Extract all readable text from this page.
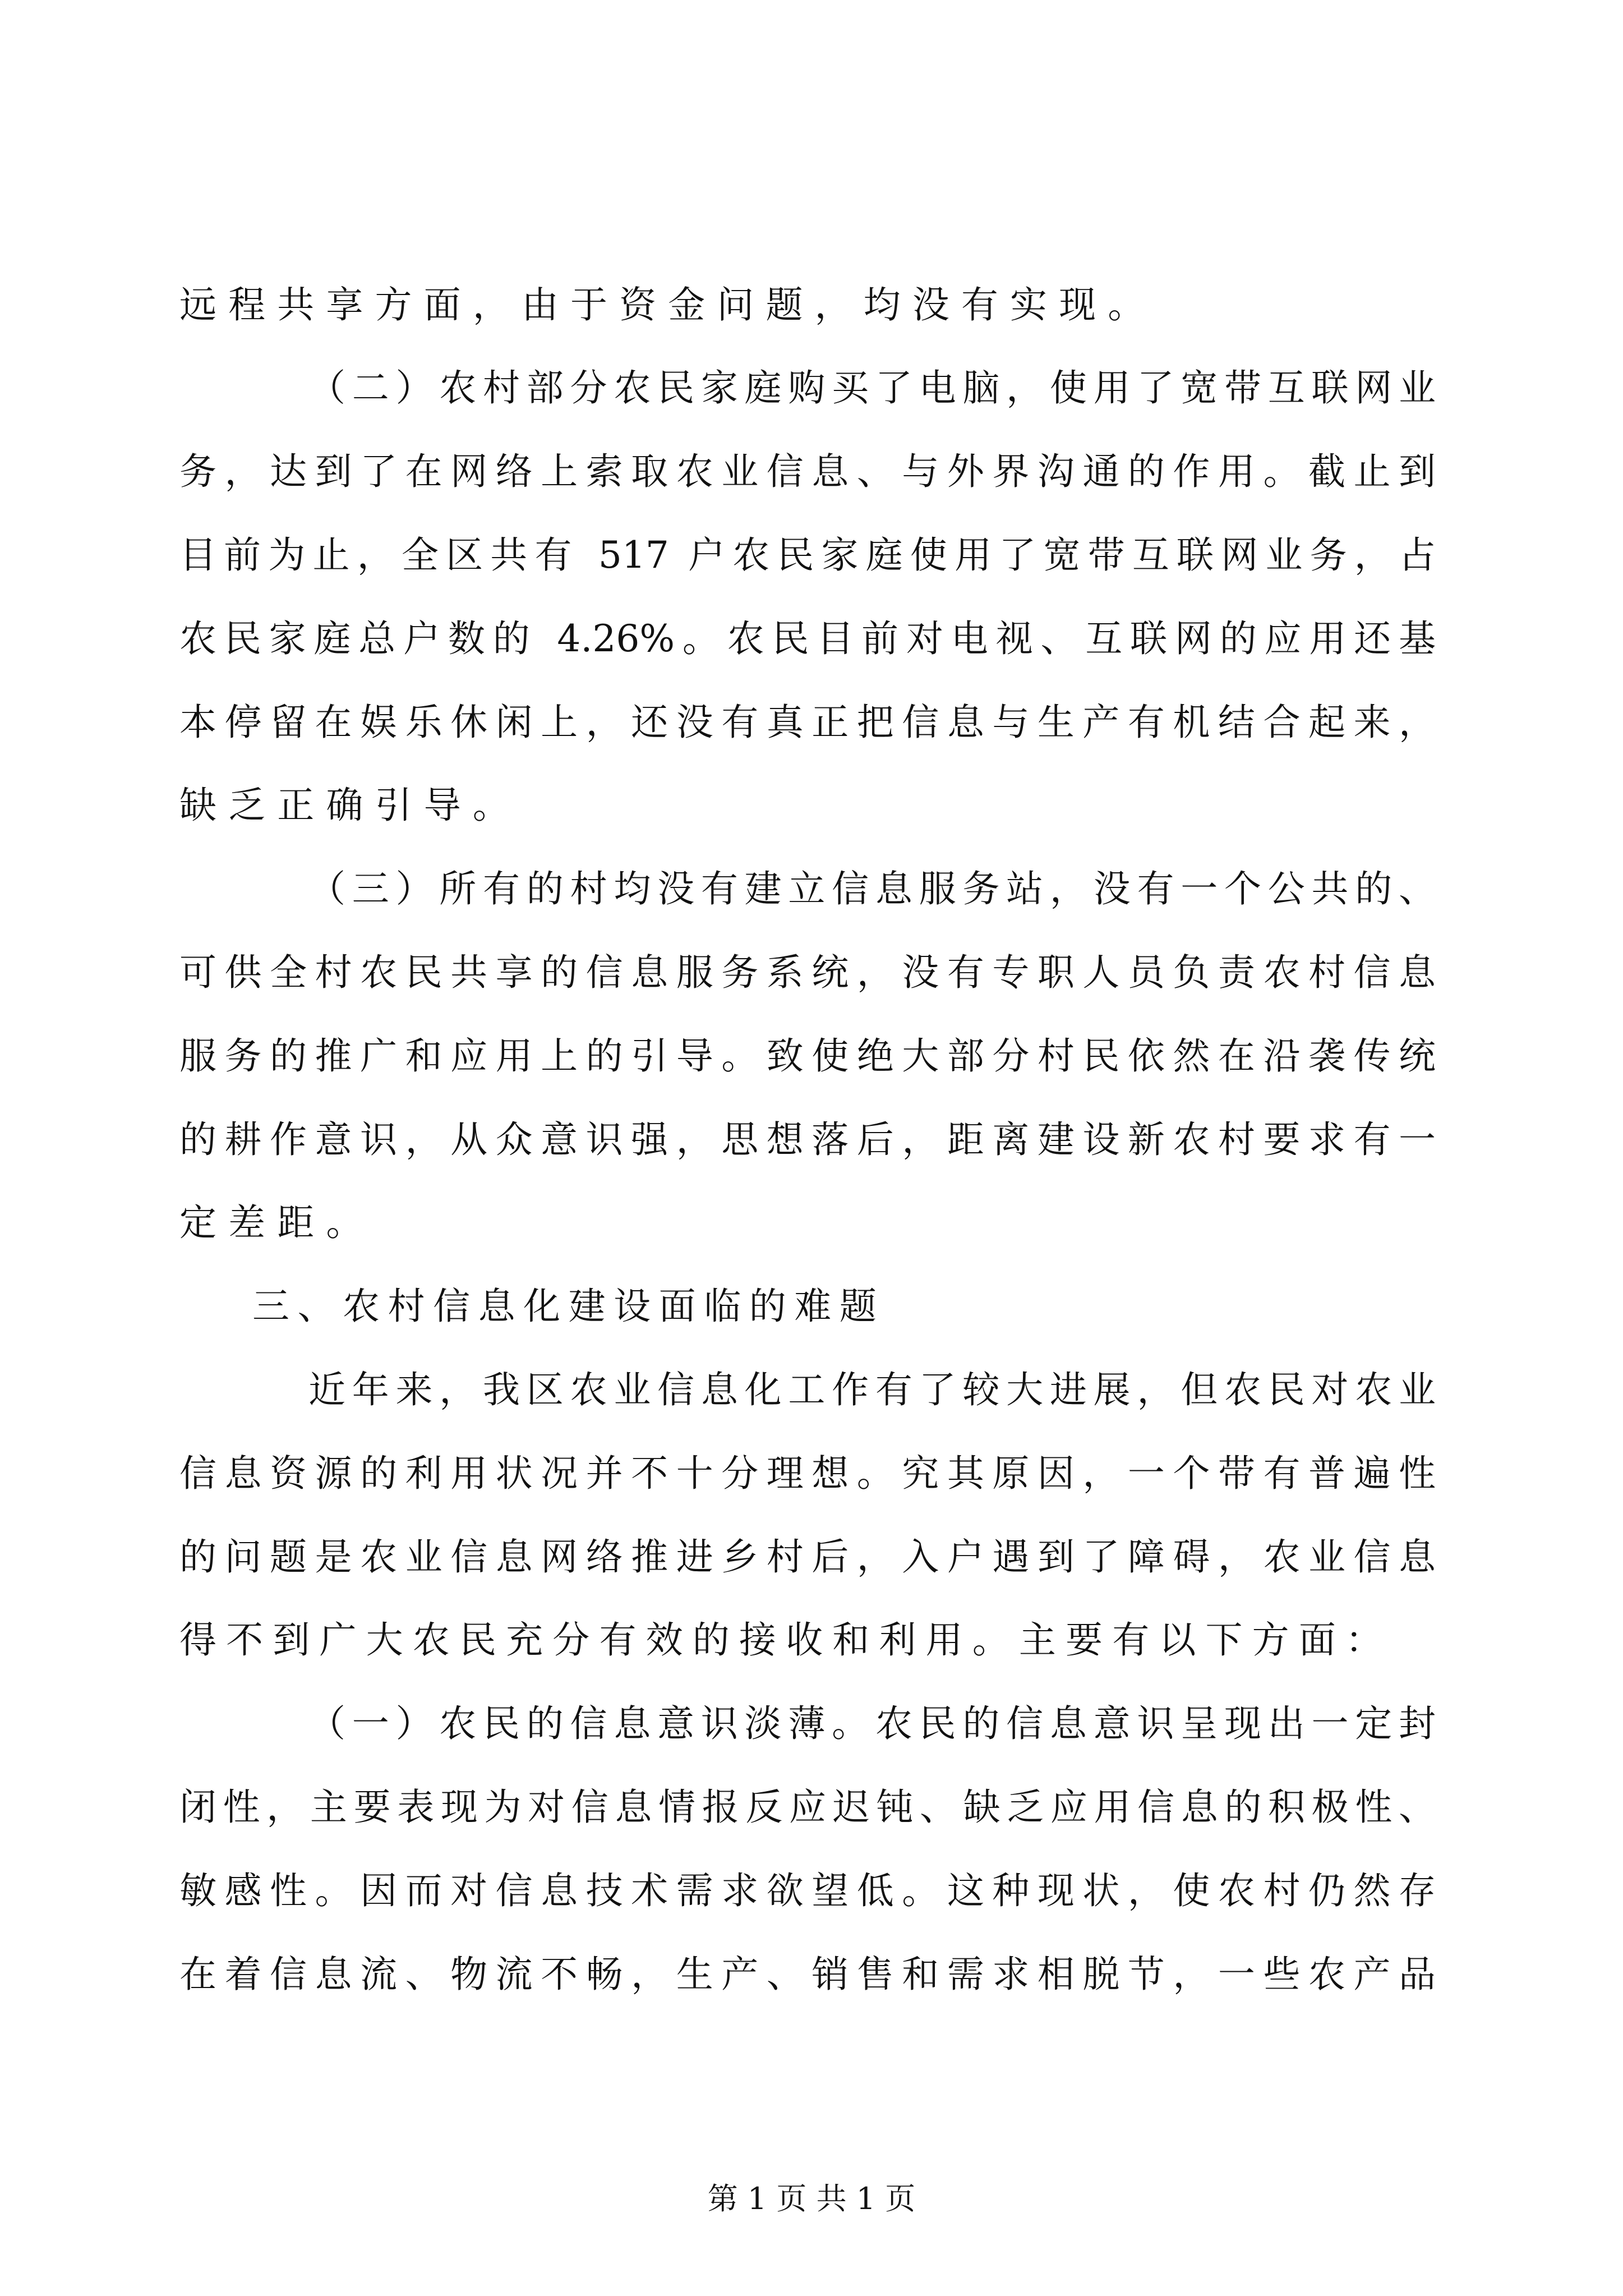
远程共享方面，由于资金问题，均没有实现。
（二）农村部分农民家庭购买了电脑，使用了宽带互联网业
务，达到了在网络上索取农业信息、与外界沟通的作用。截止到
目前为止，全区共有 517 户农民家庭使用了宽带互联网业务，占
农民家庭总户数的 4.26%。农民目前对电视、互联网的应用还基
本停留在娱乐休闲上，还没有真正把信息与生产有机结合起来，
缺乏正确引导。
（三）所有的村均没有建立信息服务站，没有一个公共的、
可供全村农民共享的信息服务系统，没有专职人员负责农村信息
服务的推广和应用上的引导。致使绝大部分村民依然在沿袭传统
的耕作意识，从众意识强，思想落后，距离建设新农村要求有一
定差距。
三、农村信息化建设面临的难题
近年来，我区农业信息化工作有了较大进展，但农民对农业
信息资源的利用状况并不十分理想。究其原因，一个带有普遍性
的问题是农业信息网络推进乡村后，入户遇到了障碍，农业信息
得不到广大农民充分有效的接收和利用。主要有以下方面：
（一）农民的信息意识淡薄。农民的信息意识呈现出一定封
闭性，主要表现为对信息情报反应迟钝、缺乏应用信息的积极性、
敏感性。因而对信息技术需求欲望低。这种现状，使农村仍然存
在着信息流、物流不畅，生产、销售和需求相脱节，一些农产品
第 1 页 共 1 页
